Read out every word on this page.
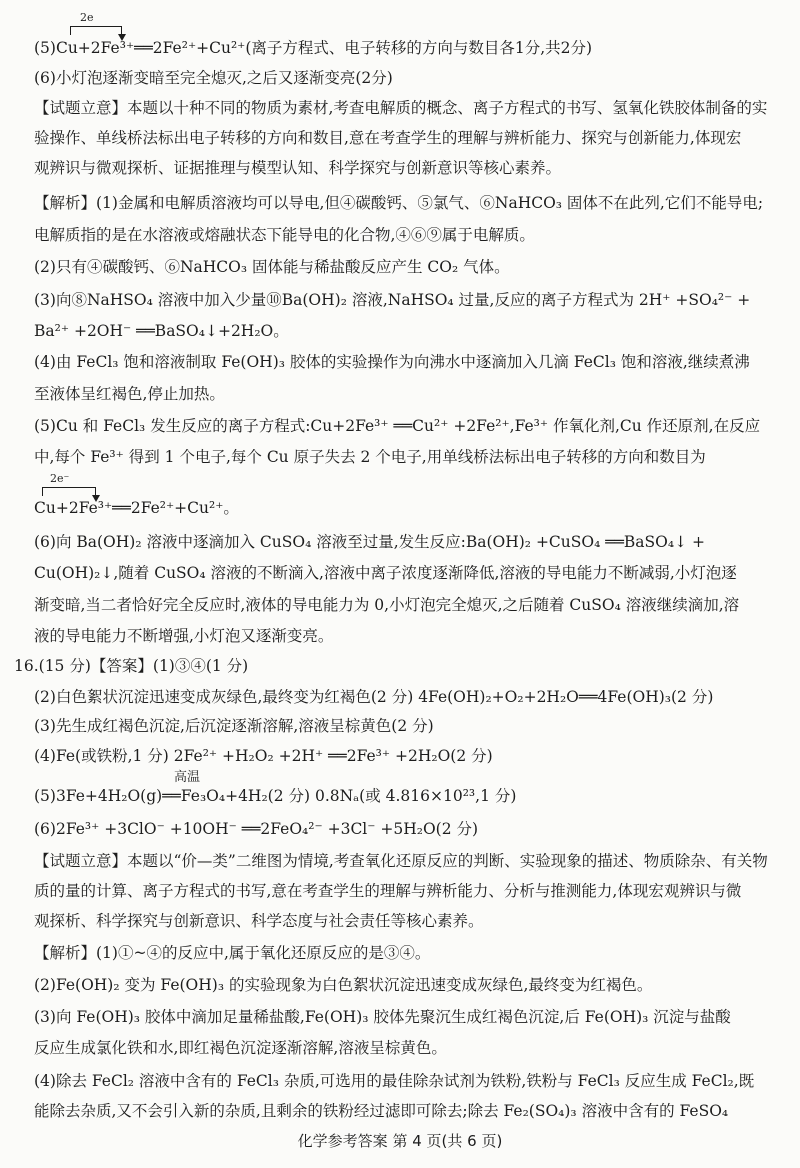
2e
(5)Cu+2Fe³⁺══2Fe²⁺+Cu²⁺(离子方程式、电子转移的方向与数目各1分,共2分)
(6)小灯泡逐渐变暗至完全熄灭,之后又逐渐变亮(2分)
【试题立意】本题以十种不同的物质为素材,考查电解质的概念、离子方程式的书写、氢氧化铁胶体制备的实
验操作、单线桥法标出电子转移的方向和数目,意在考查学生的理解与辨析能力、探究与创新能力,体现宏
观辨识与微观探析、证据推理与模型认知、科学探究与创新意识等核心素养。
【解析】(1)金属和电解质溶液均可以导电,但④碳酸钙、⑤氯气、⑥NaHCO₃ 固体不在此列,它们不能导电;
电解质指的是在水溶液或熔融状态下能导电的化合物,④⑥⑨属于电解质。
(2)只有④碳酸钙、⑥NaHCO₃ 固体能与稀盐酸反应产生 CO₂ 气体。
(3)向⑧NaHSO₄ 溶液中加入少量⑩Ba(OH)₂ 溶液,NaHSO₄ 过量,反应的离子方程式为 2H⁺ +SO₄²⁻ +
Ba²⁺ +2OH⁻ ══BaSO₄↓+2H₂O。
(4)由 FeCl₃ 饱和溶液制取 Fe(OH)₃ 胶体的实验操作为向沸水中逐滴加入几滴 FeCl₃ 饱和溶液,继续煮沸
至液体呈红褐色,停止加热。
(5)Cu 和 FeCl₃ 发生反应的离子方程式:Cu+2Fe³⁺ ══Cu²⁺ +2Fe²⁺,Fe³⁺ 作氧化剂,Cu 作还原剂,在反应
中,每个 Fe³⁺ 得到 1 个电子,每个 Cu 原子失去 2 个电子,用单线桥法标出电子转移的方向和数目为
2e⁻
Cu+2Fe³⁺══2Fe²⁺+Cu²⁺。
(6)向 Ba(OH)₂ 溶液中逐滴加入 CuSO₄ 溶液至过量,发生反应:Ba(OH)₂ +CuSO₄ ══BaSO₄↓ +
Cu(OH)₂↓,随着 CuSO₄ 溶液的不断滴入,溶液中离子浓度逐渐降低,溶液的导电能力不断减弱,小灯泡逐
渐变暗,当二者恰好完全反应时,液体的导电能力为 0,小灯泡完全熄灭,之后随着 CuSO₄ 溶液继续滴加,溶
液的导电能力不断增强,小灯泡又逐渐变亮。
16.(15 分)【答案】(1)③④(1 分)
(2)白色絮状沉淀迅速变成灰绿色,最终变为红褐色(2 分) 4Fe(OH)₂+O₂+2H₂O══4Fe(OH)₃(2 分)
(3)先生成红褐色沉淀,后沉淀逐渐溶解,溶液呈棕黄色(2 分)
(4)Fe(或铁粉,1 分) 2Fe²⁺ +H₂O₂ +2H⁺ ══2Fe³⁺ +2H₂O(2 分)
高温
(5)3Fe+4H₂O(g)══Fe₃O₄+4H₂(2 分) 0.8Nₐ(或 4.816×10²³,1 分)
(6)2Fe³⁺ +3ClO⁻ +10OH⁻ ══2FeO₄²⁻ +3Cl⁻ +5H₂O(2 分)
【试题立意】本题以“价—类”二维图为情境,考查氧化还原反应的判断、实验现象的描述、物质除杂、有关物
质的量的计算、离子方程式的书写,意在考查学生的理解与辨析能力、分析与推测能力,体现宏观辨识与微
观探析、科学探究与创新意识、科学态度与社会责任等核心素养。
【解析】(1)①~④的反应中,属于氧化还原反应的是③④。
(2)Fe(OH)₂ 变为 Fe(OH)₃ 的实验现象为白色絮状沉淀迅速变成灰绿色,最终变为红褐色。
(3)向 Fe(OH)₃ 胶体中滴加足量稀盐酸,Fe(OH)₃ 胶体先聚沉生成红褐色沉淀,后 Fe(OH)₃ 沉淀与盐酸
反应生成氯化铁和水,即红褐色沉淀逐渐溶解,溶液呈棕黄色。
(4)除去 FeCl₂ 溶液中含有的 FeCl₃ 杂质,可选用的最佳除杂试剂为铁粉,铁粉与 FeCl₃ 反应生成 FeCl₂,既
能除去杂质,又不会引入新的杂质,且剩余的铁粉经过滤即可除去;除去 Fe₂(SO₄)₃ 溶液中含有的 FeSO₄
化学参考答案 第 4 页(共 6 页)
